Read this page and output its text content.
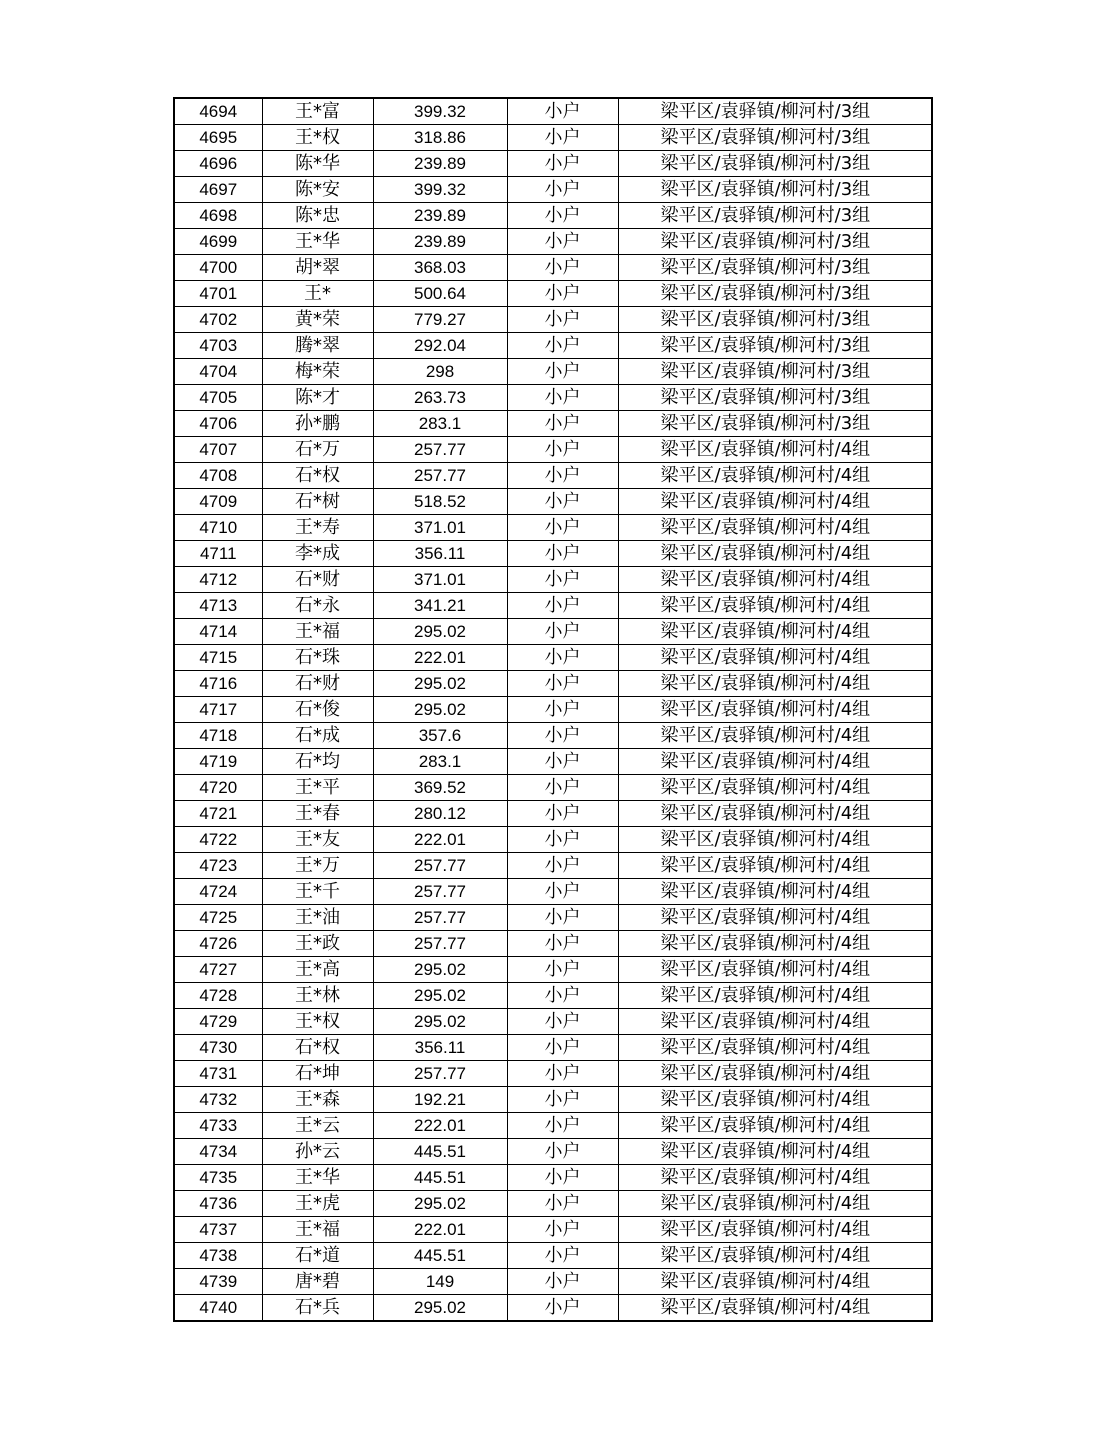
4694	王*富	399.32	小户	梁平区/袁驿镇/柳河村/3组
4695	王*权	318.86	小户	梁平区/袁驿镇/柳河村/3组
4696	陈*华	239.89	小户	梁平区/袁驿镇/柳河村/3组
4697	陈*安	399.32	小户	梁平区/袁驿镇/柳河村/3组
4698	陈*忠	239.89	小户	梁平区/袁驿镇/柳河村/3组
4699	王*华	239.89	小户	梁平区/袁驿镇/柳河村/3组
4700	胡*翠	368.03	小户	梁平区/袁驿镇/柳河村/3组
4701	王*	500.64	小户	梁平区/袁驿镇/柳河村/3组
4702	黄*荣	779.27	小户	梁平区/袁驿镇/柳河村/3组
4703	腾*翠	292.04	小户	梁平区/袁驿镇/柳河村/3组
4704	梅*荣	298	小户	梁平区/袁驿镇/柳河村/3组
4705	陈*才	263.73	小户	梁平区/袁驿镇/柳河村/3组
4706	孙*鹏	283.1	小户	梁平区/袁驿镇/柳河村/3组
4707	石*万	257.77	小户	梁平区/袁驿镇/柳河村/4组
4708	石*权	257.77	小户	梁平区/袁驿镇/柳河村/4组
4709	石*树	518.52	小户	梁平区/袁驿镇/柳河村/4组
4710	王*寿	371.01	小户	梁平区/袁驿镇/柳河村/4组
4711	李*成	356.11	小户	梁平区/袁驿镇/柳河村/4组
4712	石*财	371.01	小户	梁平区/袁驿镇/柳河村/4组
4713	石*永	341.21	小户	梁平区/袁驿镇/柳河村/4组
4714	王*福	295.02	小户	梁平区/袁驿镇/柳河村/4组
4715	石*珠	222.01	小户	梁平区/袁驿镇/柳河村/4组
4716	石*财	295.02	小户	梁平区/袁驿镇/柳河村/4组
4717	石*俊	295.02	小户	梁平区/袁驿镇/柳河村/4组
4718	石*成	357.6	小户	梁平区/袁驿镇/柳河村/4组
4719	石*均	283.1	小户	梁平区/袁驿镇/柳河村/4组
4720	王*平	369.52	小户	梁平区/袁驿镇/柳河村/4组
4721	王*春	280.12	小户	梁平区/袁驿镇/柳河村/4组
4722	王*友	222.01	小户	梁平区/袁驿镇/柳河村/4组
4723	王*万	257.77	小户	梁平区/袁驿镇/柳河村/4组
4724	王*千	257.77	小户	梁平区/袁驿镇/柳河村/4组
4725	王*油	257.77	小户	梁平区/袁驿镇/柳河村/4组
4726	王*政	257.77	小户	梁平区/袁驿镇/柳河村/4组
4727	王*高	295.02	小户	梁平区/袁驿镇/柳河村/4组
4728	王*林	295.02	小户	梁平区/袁驿镇/柳河村/4组
4729	王*权	295.02	小户	梁平区/袁驿镇/柳河村/4组
4730	石*权	356.11	小户	梁平区/袁驿镇/柳河村/4组
4731	石*坤	257.77	小户	梁平区/袁驿镇/柳河村/4组
4732	王*森	192.21	小户	梁平区/袁驿镇/柳河村/4组
4733	王*云	222.01	小户	梁平区/袁驿镇/柳河村/4组
4734	孙*云	445.51	小户	梁平区/袁驿镇/柳河村/4组
4735	王*华	445.51	小户	梁平区/袁驿镇/柳河村/4组
4736	王*虎	295.02	小户	梁平区/袁驿镇/柳河村/4组
4737	王*福	222.01	小户	梁平区/袁驿镇/柳河村/4组
4738	石*道	445.51	小户	梁平区/袁驿镇/柳河村/4组
4739	唐*碧	149	小户	梁平区/袁驿镇/柳河村/4组
4740	石*兵	295.02	小户	梁平区/袁驿镇/柳河村/4组
